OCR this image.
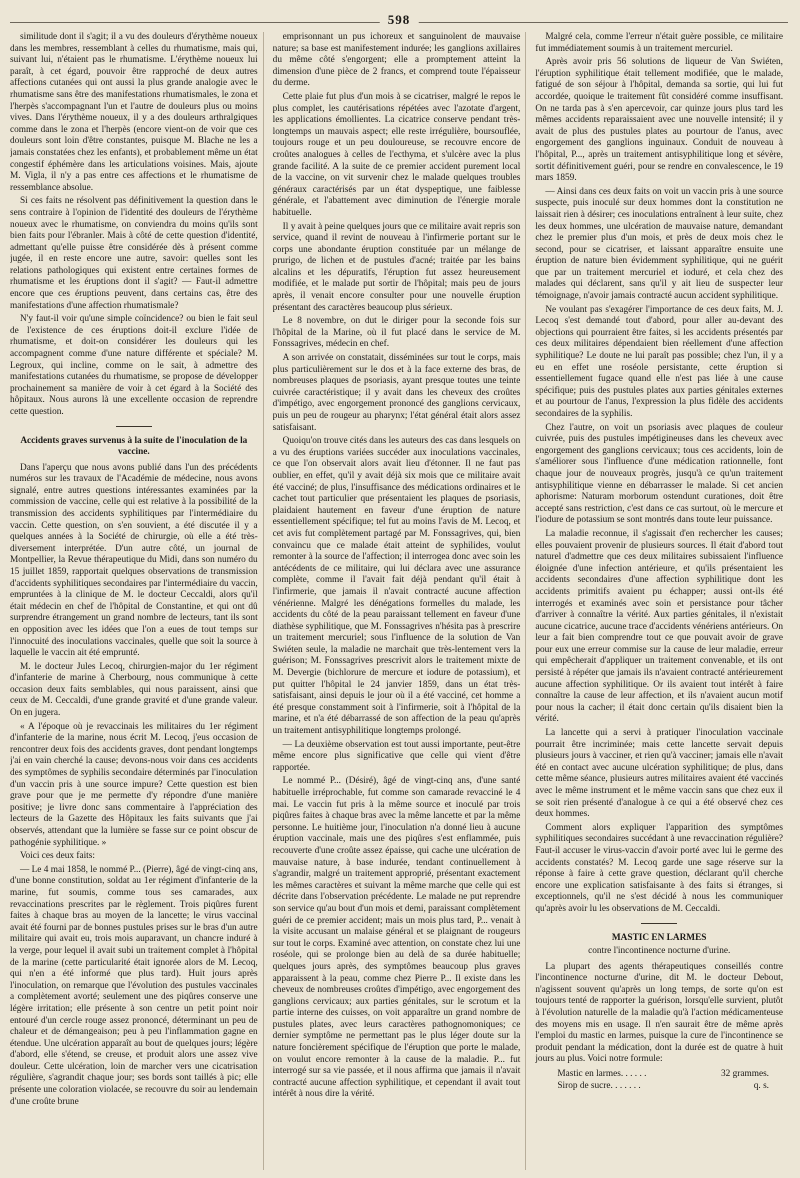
598

similitude dont il s'agit; il a vu des douleurs d'érythème noueux dans les membres, ressemblant à celles du rhumatisme, mais qui, suivant lui, n'étaient pas le rhumatisme. L'érythème noueux lui paraît, à cet égard, pouvoir être rapproché de deux autres affections cutanées qui ont aussi la plus grande analogie avec le rhumatisme sans être des manifestations rhumatismales, le zona et l'herpès s'accompagnant l'un et l'autre de douleurs plus ou moins vives. Dans l'érythème noueux, il y a des douleurs arthralgiques comme dans le zona et l'herpès (encore vient-on de voir que ces douleurs sont loin d'être constantes, puisque M. Blache ne les a jamais constatées chez les enfants), et probablement même un état congestif éphémère dans les articulations voisines. Mais, ajoute M. Vigla, il n'y a pas entre ces affections et le rhumatisme de ressemblance absolue.

Si ces faits ne résolvent pas définitivement la question dans le sens contraire à l'opinion de l'identité des douleurs de l'érythème noueux avec le rhumatisme, on conviendra du moins qu'ils sont bien faits pour l'ébranler. Mais à côté de cette question d'identité, admettant qu'elle puisse être considérée dès à présent comme jugée, il en reste encore une autre, savoir: quelles sont les relations pathologiques qui existent entre certaines formes de rhumatisme et les éruptions dont il s'agit? — Faut-il admettre encore que ces éruptions peuvent, dans certains cas, être des manifestations d'une affection rhumatismale?

N'y faut-il voir qu'une simple coïncidence? ou bien le fait seul de l'existence de ces éruptions doit-il exclure l'idée de rhumatisme, et doit-on considérer les douleurs qui les accompagnent comme d'une nature différente et spéciale? M. Legroux, qui incline, comme on le sait, à admettre des manifestations cutanées du rhumatisme, se propose de développer prochainement sa manière de voir à cet égard à la Société des hôpitaux. Nous aurons là une excellente occasion de reprendre cette question.

Accidents graves survenus à la suite de l'inoculation de la vaccine.

Dans l'aperçu que nous avons publié dans l'un des précédents numéros sur les travaux de l'Académie de médecine, nous avons signalé, entre autres questions intéressantes examinées par la commission de vaccine, celle qui est relative à la possibilité de la transmission des accidents syphilitiques par l'intermédiaire du vaccin. Cette question, on s'en souvient, a été discutée il y a quelques années à la Société de chirurgie, où elle a été très-diversement interprétée. D'un autre côté, un journal de Montpellier, la Revue thérapeutique du Midi, dans son numéro du 15 juillet 1859, rapportait quelques observations de transmission d'accidents syphilitiques secondaires par l'intermédiaire du vaccin, empruntées à la clinique de M. le docteur Ceccaldi, alors qu'il était médecin en chef de l'hôpital de Constantine, et qui ont dû surprendre étrangement un grand nombre de lecteurs, tant ils sont en opposition avec les idées que l'on a eues de tout temps sur l'innocuité des inoculations vaccinales, quelle que soit la source à laquelle le vaccin ait été emprunté.

M. le docteur Jules Lecoq, chirurgien-major du 1er régiment d'infanterie de marine à Cherbourg, nous communique à cette occasion deux faits semblables, qui nous paraissent, ainsi que ceux de M. Ceccaldi, d'une grande gravité et d'une grande valeur. On en jugera.

« A l'époque où je revaccinais les militaires du 1er régiment d'infanterie de la marine, nous écrit M. Lecoq, j'eus occasion de rencontrer deux fois des accidents graves, dont pendant longtemps j'ai en vain cherché la cause; devons-nous voir dans ces accidents des symptômes de syphilis secondaire déterminés par l'inoculation d'un vaccin pris à une source impure? Cette question est bien grave pour que je me permette d'y répondre d'une manière positive; je livre donc sans commentaire à l'appréciation des lecteurs de la Gazette des Hôpitaux les faits suivants que j'ai observés, attendant que la lumière se fasse sur ce point obscur de pathogénie syphilitique. »

Voici ces deux faits:

— Le 4 mai 1858, le nommé P... (Pierre), âgé de vingt-cinq ans, d'une bonne constitution, soldat au 1er régiment d'infanterie de la marine, fut soumis, comme tous ses camarades, aux revaccinations prescrites par le règlement. Trois piqûres furent faites à chaque bras au moyen de la lancette; le virus vaccinal avait été fourni par de bonnes pustules prises sur le bras d'un autre militaire qui avait eu, trois mois auparavant, un chancre induré à la verge, pour lequel il avait subi un traitement complet à l'hôpital de la marine (cette particularité était ignorée alors de M. Lecoq, qui n'en a été informé que plus tard). Huit jours après l'inoculation, on remarque que l'évolution des pustules vaccinales a complètement avorté; seulement une des piqûres conserve une légère irritation; elle présente à son centre un petit point noir entouré d'un cercle rouge assez prononcé, déterminant un peu de chaleur et de démangeaison; peu à peu l'inflammation gagne en étendue. Une ulcération apparaît au bout de quelques jours; légère d'abord, elle s'étend, se creuse, et produit alors une assez vive douleur. Cette ulcération, loin de marcher vers une cicatrisation régulière, s'agrandit chaque jour; ses bords sont taillés à pic; elle présente une coloration violacée, se recouvre du soir au lendemain d'une croûte brune

emprisonnant un pus ichoreux et sanguinolent de mauvaise nature; sa base est manifestement indurée; les ganglions axillaires du même côté s'engorgent; elle a promptement atteint la dimension d'une pièce de 2 francs, et comprend toute l'épaisseur du derme.

Cette plaie fut plus d'un mois à se cicatriser, malgré le repos le plus complet, les cautérisations répétées avec l'azotate d'argent, les applications émollientes. La cicatrice conserve pendant très-longtemps un mauvais aspect; elle reste irrégulière, boursouflée, toujours rouge et un peu douloureuse, se recouvre encore de croûtes analogues à celles de l'ecthyma, et s'ulcère avec la plus grande facilité. A la suite de ce premier accident purement local de la vaccine, on vit survenir chez le malade quelques troubles généraux caractérisés par un état dyspeptique, une faiblesse générale, et l'abattement avec diminution de l'énergie morale habituelle.

Il y avait à peine quelques jours que ce militaire avait repris son service, quand il revint de nouveau à l'infirmerie portant sur le corps une abondante éruption constituée par un mélange de prurigo, de lichen et de pustules d'acné; traitée par les bains alcalins et les dépuratifs, l'éruption fut assez heureusement modifiée, et le malade put sortir de l'hôpital; mais peu de jours après, il venait encore consulter pour une nouvelle éruption présentant des caractères beaucoup plus sérieux.

Le 8 novembre, on dut le diriger pour la seconde fois sur l'hôpital de la Marine, où il fut placé dans le service de M. Fonssagrives, médecin en chef.

A son arrivée on constatait, disséminées sur tout le corps, mais plus particulièrement sur le dos et à la face externe des bras, de nombreuses plaques de psoriasis, ayant presque toutes une teinte cuivrée caractéristique; il y avait dans les cheveux des croûtes d'impétigo, avec engorgement prononcé des ganglions cervicaux, puis un peu de rougeur au pharynx; l'état général était alors assez satisfaisant.

Quoiqu'on trouve cités dans les auteurs des cas dans lesquels on a vu des éruptions variées succéder aux inoculations vaccinales, ce que l'on observait alors avait lieu d'étonner. Il ne faut pas oublier, en effet, qu'il y avait déjà six mois que ce militaire avait été vacciné; de plus, l'insuffisance des médications ordinaires et le cachet tout particulier que présentaient les plaques de psoriasis, plaidaient hautement en faveur d'une éruption de nature essentiellement spécifique; tel fut au moins l'avis de M. Lecoq, et cet avis fut complètement partagé par M. Fonssagrives, qui, bien convaincu que ce malade était atteint de syphilides, voulut remonter à la source de l'affection; il interrogea donc avec soin les antécédents de ce militaire, qui lui déclara avec une assurance complète, comme il l'avait fait déjà pendant qu'il était à l'infirmerie, que jamais il n'avait contracté aucune affection vénérienne. Malgré les dénégations formelles du malade, les accidents du côté de la peau paraissant tellement en faveur d'une diathèse syphilitique, que M. Fonssagrives n'hésita pas à prescrire un traitement mercuriel; sous l'influence de la solution de Van Swiéten seule, la maladie ne marchait que très-lentement vers la guérison; M. Fonssagrives prescrivit alors le traitement mixte de M. Devergie (bichlorure de mercure et iodure de potassium), et put quitter l'hôpital le 24 janvier 1859, dans un état très-satisfaisant, ainsi depuis le jour où il a été vacciné, cet homme a été presque constamment soit à l'infirmerie, soit à l'hôpital de la marine, et n'a été débarrassé de son affection de la peau qu'après un traitement antisyphilitique longtemps prolongé.

— La deuxième observation est tout aussi importante, peut-être même encore plus significative que celle qui vient d'être rapportée.

Le nommé P... (Désiré), âgé de vingt-cinq ans, d'une santé habituelle irréprochable, fut comme son camarade revacciné le 4 mai. Le vaccin fut pris à la même source et inoculé par trois piqûres faites à chaque bras avec la même lancette et par la même personne. Le huitième jour, l'inoculation n'a donné lieu à aucune éruption vaccinale, mais une des piqûres s'est enflammée, puis recouverte d'une croûte assez épaisse, qui cache une ulcération de mauvaise nature, à base indurée, tendant continuellement à s'agrandir, malgré un traitement approprié, présentant exactement les mêmes caractères et suivant la même marche que celle qui est décrite dans l'observation précédente. Le malade ne put reprendre son service qu'au bout d'un mois et demi, paraissant complètement guéri de ce premier accident; mais un mois plus tard, P... venait à la visite accusant un malaise général et se plaignant de rougeurs sur tout le corps. Examiné avec attention, on constate chez lui une roséole, qui se prolonge bien au delà de sa durée habituelle; quelques jours après, des symptômes beaucoup plus graves apparaissent à la peau, comme chez Pierre P... Il existe dans les cheveux de nombreuses croûtes d'impétigo, avec engorgement des ganglions cervicaux; aux parties génitales, sur le scrotum et la partie interne des cuisses, on voit apparaître un grand nombre de pustules plates, avec leurs caractères pathognomoniques; ce dernier symptôme ne permettant pas le plus léger doute sur la nature foncièrement spécifique de l'éruption que porte le malade, on voulut encore remonter à la cause de la maladie. P... fut interrogé sur sa vie passée, et il nous affirma que jamais il n'avait contracté aucune affection syphilitique, et cependant il avait tout intérêt à nous dire la vérité.

Malgré cela, comme l'erreur n'était guère possible, ce militaire fut immédiatement soumis à un traitement mercuriel.

Après avoir pris 56 solutions de liqueur de Van Swiéten, l'éruption syphilitique était tellement modifiée, que le malade, fatigué de son séjour à l'hôpital, demanda sa sortie, qui lui fut accordée, quoique le traitement fût considéré comme insuffisant. On ne tarda pas à s'en apercevoir, car quinze jours plus tard les mêmes accidents reparaissaient avec une nouvelle intensité; il y avait de plus des pustules plates au pourtour de l'anus, avec engorgement des ganglions inguinaux. Conduit de nouveau à l'hôpital, P..., après un traitement antisyphilitique long et sévère, sortit définitivement guéri, pour se rendre en convalescence, le 19 mars 1859.

— Ainsi dans ces deux faits on voit un vaccin pris à une source suspecte, puis inoculé sur deux hommes dont la constitution ne laissait rien à désirer; ces inoculations entraînent à leur suite, chez les deux hommes, une ulcération de mauvaise nature, demandant chez le premier plus d'un mois, et près de deux mois chez le second, pour se cicatriser, et laissant apparaître ensuite une éruption de nature bien évidemment syphilitique, qui ne guérit que par un traitement mercuriel et ioduré, et cela chez des malades qui déclarent, sans qu'il y ait lieu de suspecter leur témoignage, n'avoir jamais contracté aucun accident syphilitique.

Ne voulant pas s'exagérer l'importance de ces deux faits, M. J. Lecoq s'est demandé tout d'abord, pour aller au-devant des objections qui pourraient être faites, si les accidents présentés par ces deux militaires dépendaient bien réellement d'une affection syphilitique? Le doute ne lui paraît pas possible; chez l'un, il y a eu en effet une roséole persistante, cette éruption si essentiellement fugace quand elle n'est pas liée à une cause spécifique; puis des pustules plates aux parties génitales externes et au pourtour de l'anus, l'expression la plus fidèle des accidents secondaires de la syphilis.

Chez l'autre, on voit un psoriasis avec plaques de couleur cuivrée, puis des pustules impétigineuses dans les cheveux avec engorgement des ganglions cervicaux; tous ces accidents, loin de s'améliorer sous l'influence d'une médication rationnelle, font chaque jour de nouveaux progrès, jusqu'à ce qu'un traitement antisyphilitique vienne en débarrasser le malade. Si cet ancien aphorisme: Naturam morborum ostendunt curationes, doit être accepté sans restriction, c'est dans ce cas surtout, où le mercure et l'iodure de potassium se sont montrés dans toute leur puissance.

La maladie reconnue, il s'agissait d'en rechercher les causes; elles pouvaient provenir de plusieurs sources. Il était d'abord tout naturel d'admettre que ces deux militaires subissaient l'influence éloignée d'une infection antérieure, et qu'ils présentaient les accidents secondaires d'une affection syphilitique dont les accidents primitifs avaient pu échapper; aussi ont-ils été interrogés et examinés avec soin et persistance pour tâcher d'arriver à connaître la vérité. Aux parties génitales, il n'existait aucune cicatrice, aucune trace d'accidents vénériens antérieurs. On leur a fait bien comprendre tout ce que pouvait avoir de grave pour eux une erreur commise sur la cause de leur maladie, erreur qui empêcherait d'appliquer un traitement convenable, et ils ont persisté à répéter que jamais ils n'avaient contracté antérieurement aucune affection syphilitique. Or ils avaient tout intérêt à faire connaître la cause de leur affection, et ils n'avaient aucun motif pour nous la cacher; il était donc certain qu'ils disaient bien la vérité.

La lancette qui a servi à pratiquer l'inoculation vaccinale pourrait être incriminée; mais cette lancette servait depuis plusieurs jours à vacciner, et rien qu'à vacciner; jamais elle n'avait été en contact avec aucune ulcération syphilitique; de plus, dans cette même séance, plusieurs autres militaires avaient été vaccinés avec le même instrument et le même vaccin sans que chez eux il se soit rien présenté d'analogue à ce qui a été observé chez ces deux hommes.

Comment alors expliquer l'apparition des symptômes syphilitiques secondaires succédant à une revaccination régulière? Faut-il accuser le virus-vaccin d'avoir porté avec lui le germe des accidents constatés? M. Lecoq garde une sage réserve sur la réponse à faire à cette grave question, déclarant qu'il cherche encore une explication satisfaisante à des faits si étranges, si exceptionnels, qu'il ne s'est décidé à nous les communiquer qu'après avoir lu les observations de M. Ceccaldi.

MASTIC EN LARMES
contre l'incontinence nocturne d'urine.

La plupart des agents thérapeutiques conseillés contre l'incontinence nocturne d'urine, dit M. le docteur Debout, n'agissent souvent qu'après un long temps, de sorte qu'on est toujours tenté de rapporter la guérison, lorsqu'elle survient, plutôt à l'évolution naturelle de la maladie qu'à l'action médicamenteuse des moyens mis en usage. Il n'en saurait être de même après l'emploi du mastic en larmes, puisque la cure de l'incontinence se produit pendant la médication, dont la durée est de quatre à huit jours au plus. Voici notre formule:

Mastic en larmes. . . . . .	32 grammes.
Sirop de sucre. . . . . . .	q. s.
